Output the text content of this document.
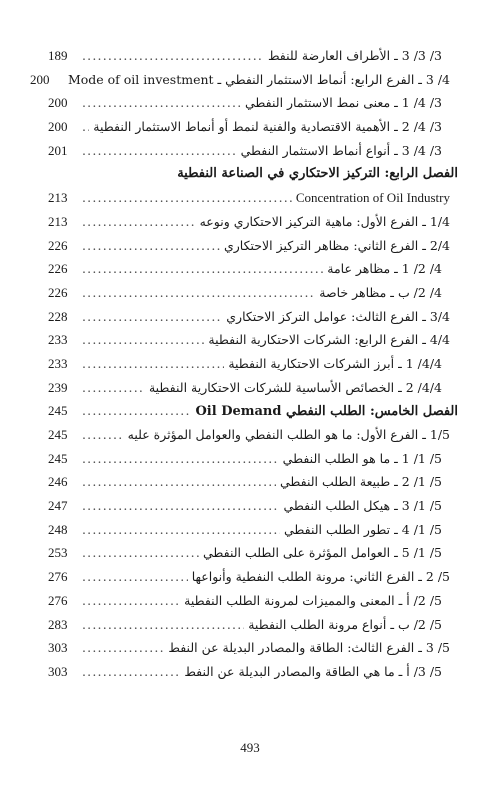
3/ 3/ 3 ـ الأطراف العارضة للنفط
.....
189
4/ 3 ـ الفرع الرابع: أنماط الاستثمار النفطي ـ Mode of oil investment
200
3/ 4/ 1 ـ معنى نمط الاستثمار النفطي
.....
200
3/ 4/ 2 ـ الأهمية الاقتصادية والفنية لنمط أو أنماط الاستثمار النفطية
.....
200
3/ 4/ 3 ـ أنواع أنماط الاستثمار النفطي
.....
201
الفصل الرابع: التركيز الاحتكاري في الصناعة النفطية
Concentration of Oil Industry
.....
213
1/4 ـ الفرع الأول: ماهية التركيز الاحتكاري ونوعه
.....
213
2/4 ـ الفرع الثاني: مظاهر التركيز الاحتكاري
.....
226
4/ 2/ 1 ـ مظاهر عامة
.....
226
4/ 2/ ب ـ مظاهر خاصة
.....
226
3/4 ـ الفرع الثالث: عوامل التركز الاحتكاري
.....
228
4/4 ـ الفرع الرابع: الشركات الاحتكارية النفطية
.....
233
4/4/ 1 ـ أبرز الشركات الاحتكارية النفطية
.....
233
4/4/ 2 ـ الخصائص الأساسية للشركات الاحتكارية النفطية
.....
239
الفصل الخامس: الطلب النفطي Oil Demand
.....
245
1/5 ـ الفرع الأول: ما هو الطلب النفطي والعوامل المؤثرة عليه
.....
245
5/ 1/ 1 ـ ما هو الطلب النفطي
.....
245
5/ 1/ 2 ـ طبيعة الطلب النفطي
.....
246
5/ 1/ 3 ـ هيكل الطلب النفطي
.....
247
5/ 1/ 4 ـ تطور الطلب النفطي
.....
248
5/ 1/ 5 ـ العوامل المؤثرة على الطلب النفطي
.....
253
5/ 2 ـ الفرع الثاني: مرونة الطلب النفطية وأنواعها
.....
276
5/ 2/ أ ـ المعنى والمميزات لمرونة الطلب النفطية
.....
276
5/ 2/ ب ـ أنواع مرونة الطلب النفطية
.....
283
5/ 3 ـ الفرع الثالث: الطاقة والمصادر البديلة عن النفط
.....
303
5/ 3/ أ ـ ما هي الطاقة والمصادر البديلة عن النفط
.....
303
493
